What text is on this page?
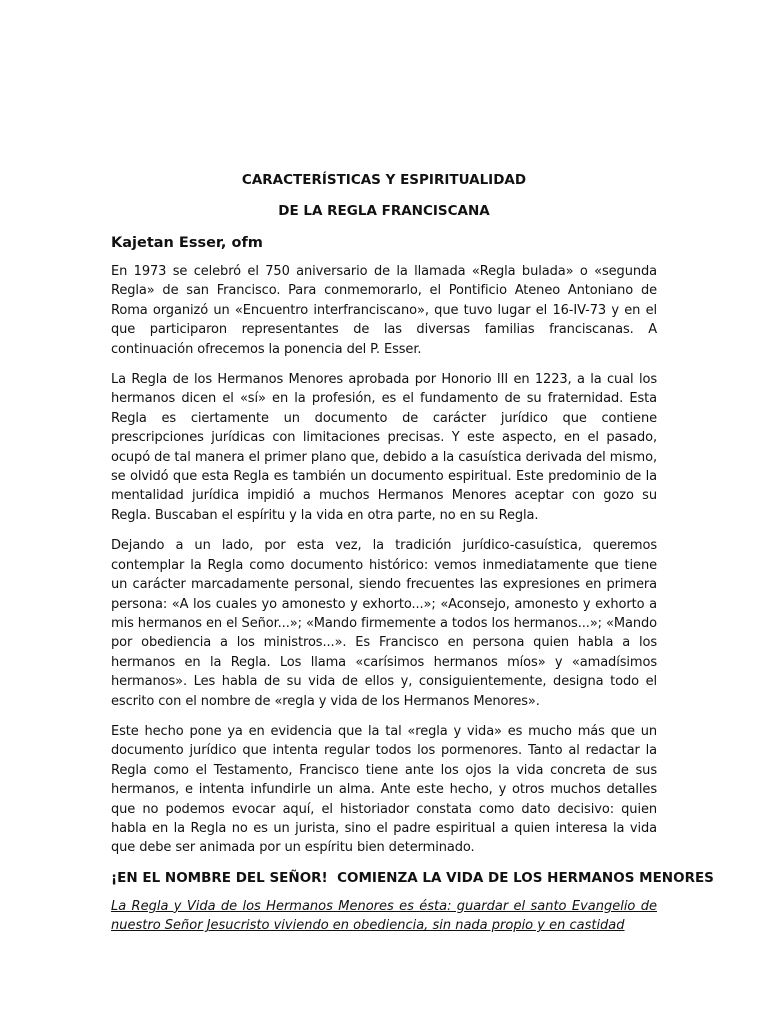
CARACTERÍSTICAS Y ESPIRITUALIDAD
DE LA REGLA FRANCISCANA
Kajetan Esser, ofm

En 1973 se celebró el 750 aniversario de la llamada «Regla bulada» o «segunda Regla» de san Francisco. Para conmemorarlo, el Pontificio Ateneo Antoniano de Roma organizó un «Encuentro interfranciscano», que tuvo lugar el 16-IV-73 y en el que participaron representantes de las diversas familias franciscanas. A continuación ofrecemos la ponencia del P. Esser.

La Regla de los Hermanos Menores aprobada por Honorio III en 1223, a la cual los hermanos dicen el «sí» en la profesión, es el fundamento de su fraternidad. Esta Regla es ciertamente un documento de carácter jurídico que contiene prescripciones jurídicas con limitaciones precisas. Y este aspecto, en el pasado, ocupó de tal manera el primer plano que, debido a la casuística derivada del mismo, se olvidó que esta Regla es también un documento espiritual. Este predominio de la mentalidad jurídica impidió a muchos Hermanos Menores aceptar con gozo su Regla. Buscaban el espíritu y la vida en otra parte, no en su Regla.

Dejando a un lado, por esta vez, la tradición jurídico-casuística, queremos contemplar la Regla como documento histórico: vemos inmediatamente que tiene un carácter marcadamente personal, siendo frecuentes las expresiones en primera persona: «A los cuales yo amonesto y exhorto...»; «Aconsejo, amonesto y exhorto a mis hermanos en el Señor...»; «Mando firmemente a todos los hermanos...»; «Mando por obediencia a los ministros...». Es Francisco en persona quien habla a los hermanos en la Regla. Los llama «carísimos hermanos míos» y «amadísimos hermanos». Les habla de su vida de ellos y, consiguientemente, designa todo el escrito con el nombre de «regla y vida de los Hermanos Menores».

Este hecho pone ya en evidencia que la tal «regla y vida» es mucho más que un documento jurídico que intenta regular todos los pormenores. Tanto al redactar la Regla como el Testamento, Francisco tiene ante los ojos la vida concreta de sus hermanos, e intenta infundirle un alma. Ante este hecho, y otros muchos detalles que no podemos evocar aquí, el historiador constata como dato decisivo: quien habla en la Regla no es un jurista, sino el padre espiritual a quien interesa la vida que debe ser animada por un espíritu bien determinado.

¡EN EL NOMBRE DEL SEÑOR!  COMIENZA LA VIDA DE LOS HERMANOS MENORES

La Regla y Vida de los Hermanos Menores es ésta: guardar el santo Evangelio de nuestro Señor Jesucristo viviendo en obediencia, sin nada propio y en castidad
